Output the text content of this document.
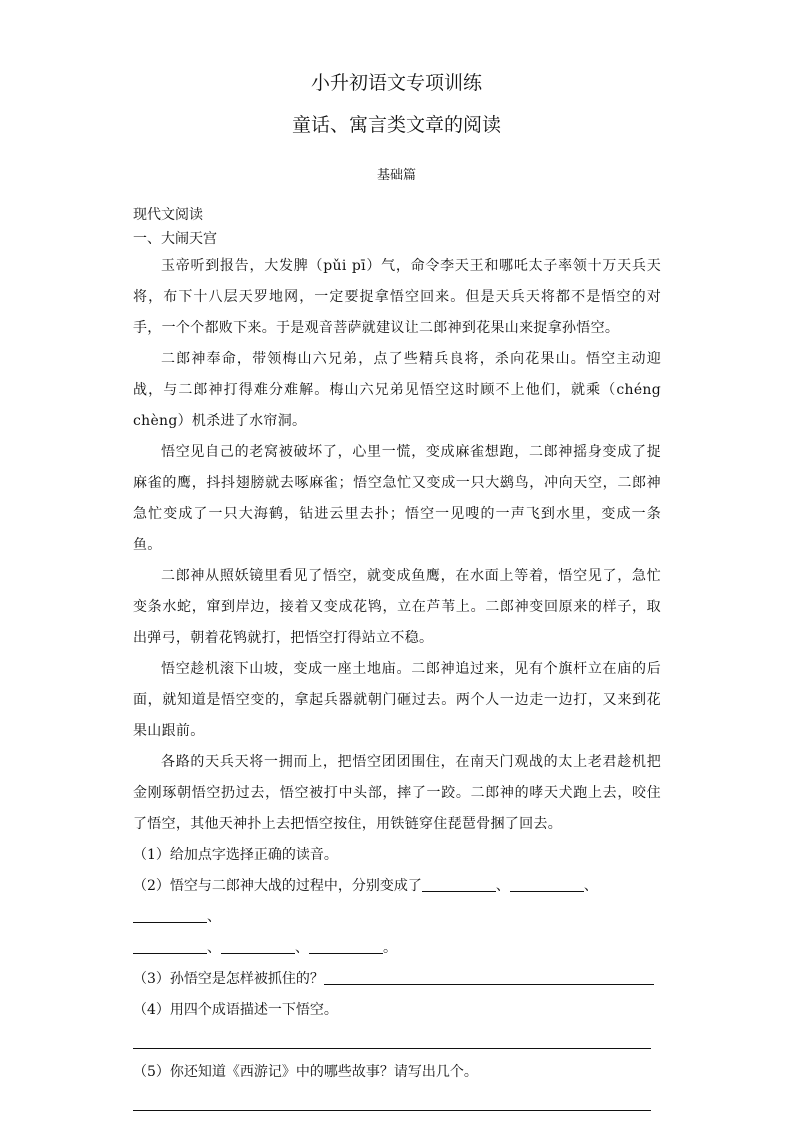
小升初语文专项训练
童话、寓言类文章的阅读
基础篇
现代文阅读
一、大闹天宫
玉帝听到报告，大发脾（pǔi pī）气，命令李天王和哪吒太子率领十万天兵天将，布下十八层天罗地网，一定要捉拿悟空回来。但是天兵天将都不是悟空的对手，一个个都败下来。于是观音菩萨就建议让二郎神到花果山来捉拿孙悟空。
二郎神奉命，带领梅山六兄弟，点了些精兵良将，杀向花果山。悟空主动迎战，与二郎神打得难分难解。梅山六兄弟见悟空这时顾不上他们，就乘（chéng chèng）机杀进了水帘洞。
悟空见自己的老窝被破坏了，心里一慌，变成麻雀想跑，二郎神摇身变成了捉麻雀的鹰，抖抖翅膀就去啄麻雀；悟空急忙又变成一只大鹚鸟，冲向天空，二郎神急忙变成了一只大海鹤，钻进云里去扑；悟空一见嗖的一声飞到水里，变成一条鱼。
二郎神从照妖镜里看见了悟空，就变成鱼鹰，在水面上等着，悟空见了，急忙变条水蛇，窜到岸边，接着又变成花鸨，立在芦苇上。二郎神变回原来的样子，取出弹弓，朝着花鸨就打，把悟空打得站立不稳。
悟空趁机滚下山坡，变成一座土地庙。二郎神追过来，见有个旗杆立在庙的后面，就知道是悟空变的，拿起兵器就朝门砸过去。两个人一边走一边打，又来到花果山跟前。
各路的天兵天将一拥而上，把悟空团团围住，在南天门观战的太上老君趁机把金刚琢朝悟空扔过去，悟空被打中头部，摔了一跤。二郎神的哮天犬跑上去，咬住了悟空，其他天神扑上去把悟空按住，用铁链穿住琵琶骨捆了回去。
（1）给加点字选择正确的读音。
（2）悟空与二郎神大战的过程中，分别变成了	、	、、
、	、	。
（3）孙悟空是怎样被抓住的？
（4）用四个成语描述一下悟空。
（5）你还知道《西游记》中的哪些故事？请写出几个。
